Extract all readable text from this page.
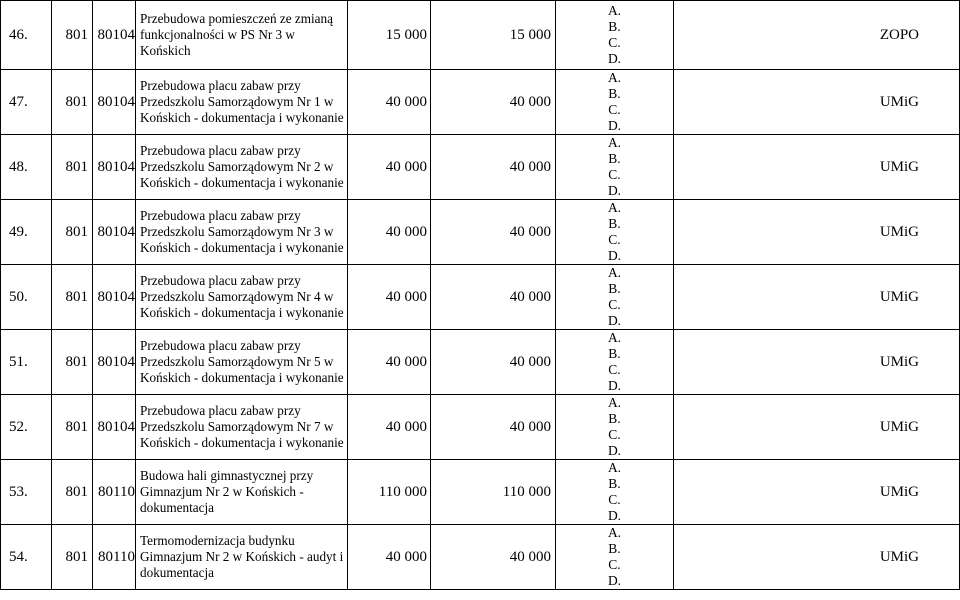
46.	801	80104	Przebudowa pomieszczeń ze zmianą funkcjonalności w PS Nr 3 w Końskich	15 000	15 000	A.
B.
C.
D.	ZOPO
47.	801	80104	Przebudowa placu zabaw przy Przedszkolu Samorządowym Nr 1 w Końskich - dokumentacja i wykonanie	40 000	40 000	A.
B.
C.
D.	UMiG
48.	801	80104	Przebudowa placu zabaw przy Przedszkolu Samorządowym Nr 2 w Końskich - dokumentacja i wykonanie	40 000	40 000	A.
B.
C.
D.	UMiG
49.	801	80104	Przebudowa placu zabaw przy Przedszkolu Samorządowym Nr 3 w Końskich - dokumentacja i wykonanie	40 000	40 000	A.
B.
C.
D.	UMiG
50.	801	80104	Przebudowa placu zabaw przy Przedszkolu Samorządowym Nr 4 w Końskich - dokumentacja i wykonanie	40 000	40 000	A.
B.
C.
D.	UMiG
51.	801	80104	Przebudowa placu zabaw przy Przedszkolu Samorządowym Nr 5 w Końskich - dokumentacja i wykonanie	40 000	40 000	A.
B.
C.
D.	UMiG
52.	801	80104	Przebudowa placu zabaw przy Przedszkolu Samorządowym Nr 7 w Końskich - dokumentacja i wykonanie	40 000	40 000	A.
B.
C.
D.	UMiG
53.	801	80110	Budowa hali gimnastycznej przy Gimnazjum Nr 2 w Końskich - dokumentacja	110 000	110 000	A.
B.
C.
D.	UMiG
54.	801	80110	Termomodernizacja budynku Gimnazjum Nr 2 w Końskich - audyt i dokumentacja	40 000	40 000	A.
B.
C.
D.	UMiG
